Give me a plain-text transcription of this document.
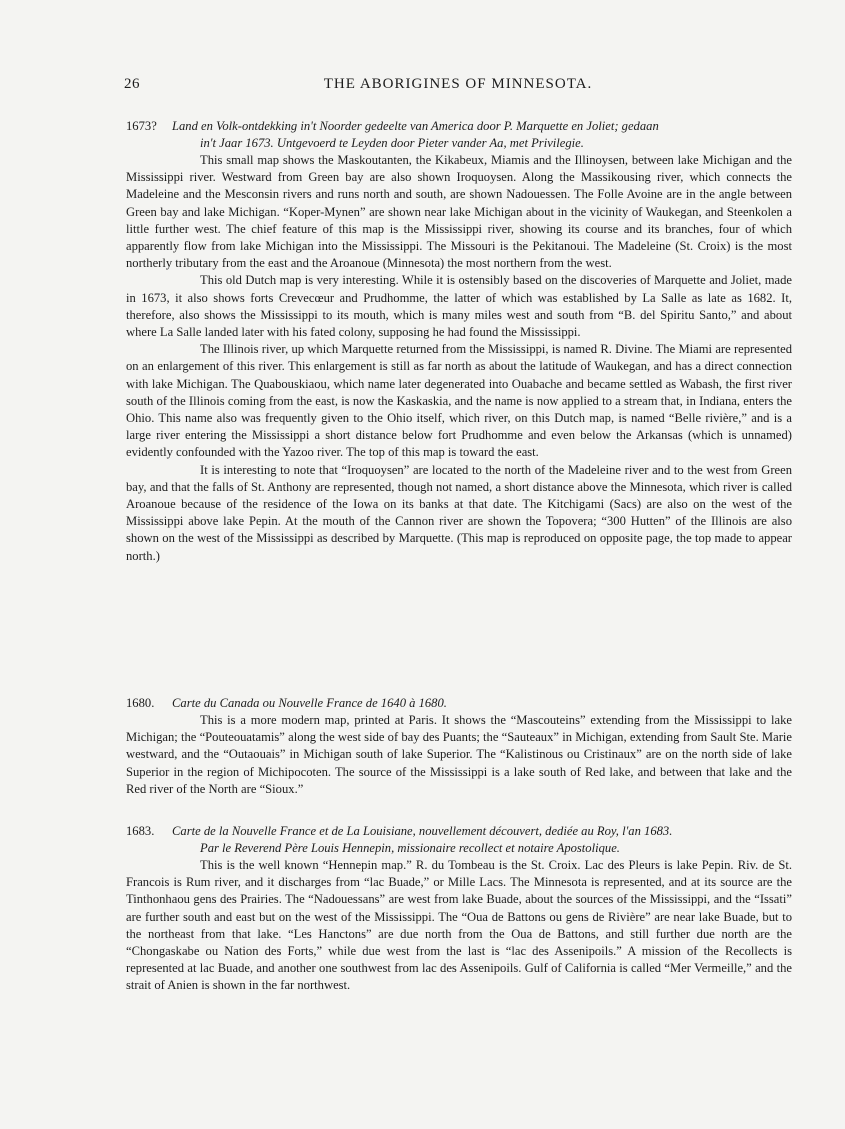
26	THE ABORIGINES OF MINNESOTA.
1673? Land en Volk-ontdekking in't Noorder gedeelte van America door P. Marquette en Joliet; gedaan
in't Jaar 1673. Untgevoerd te Leyden door Pieter vander Aa, met Privilegie.

This small map shows the Maskoutanten, the Kikabeux, Miamis and the Illinoysen, between lake Michigan and the Mississippi river. Westward from Green bay are also shown Iroquoysen. Along the Massikousing river, which connects the Madeleine and the Mesconsin rivers and runs north and south, are shown Nadouessen. The Folle Avoine are in the angle between Green bay and lake Michigan. “Koper-Mynen” are shown near lake Michigan about in the vicinity of Waukegan, and Steenkolen a little further west. The chief feature of this map is the Mississippi river, showing its course and its branches, four of which apparently flow from lake Michigan into the Mississippi. The Missouri is the Pekitanoui. The Madeleine (St. Croix) is the most northerly tributary from the east and the Aroanoue (Minnesota) the most northern from the west.

This old Dutch map is very interesting. While it is ostensibly based on the discoveries of Marquette and Joliet, made in 1673, it also shows forts Crevecœur and Prudhomme, the latter of which was established by La Salle as late as 1682. It, therefore, also shows the Mississippi to its mouth, which is many miles west and south from “B. del Spiritu Santo,” and about where La Salle landed later with his fated colony, supposing he had found the Mississippi.

The Illinois river, up which Marquette returned from the Mississippi, is named R. Divine. The Miami are represented on an enlargement of this river. This enlargement is still as far north as about the latitude of Waukegan, and has a direct connection with lake Michigan. The Quabouskiaou, which name later degenerated into Ouabache and became settled as Wabash, the first river south of the Illinois coming from the east, is now the Kaskaskia, and the name is now applied to a stream that, in Indiana, enters the Ohio. This name also was frequently given to the Ohio itself, which river, on this Dutch map, is named “Belle rivière,” and is a large river entering the Mississippi a short distance below fort Prudhomme and even below the Arkansas (which is unnamed) evidently confounded with the Yazoo river. The top of this map is toward the east.

It is interesting to note that “Iroquoysen” are located to the north of the Madeleine river and to the west from Green bay, and that the falls of St. Anthony are represented, though not named, a short distance above the Minnesota, which river is called Aroanoue because of the residence of the Iowa on its banks at that date. The Kitchigami (Sacs) are also on the west of the Mississippi above lake Pepin. At the mouth of the Cannon river are shown the Topovera; “300 Hutten” of the Illinois are also shown on the west of the Mississippi as described by Marquette. (This map is reproduced on opposite page, the top made to appear north.)

1680. Carte du Canada ou Nouvelle France de 1640 à 1680.

This is a more modern map, printed at Paris. It shows the “Mascouteins” extending from the Mississippi to lake Michigan; the “Pouteouatamis” along the west side of bay des Puants; the “Sauteaux” in Michigan, extending from Sault Ste. Marie westward, and the “Outaouais” in Michigan south of lake Superior. The “Kalistinous ou Cristinaux” are on the north side of lake Superior in the region of Michipocoten. The source of the Mississippi is a lake south of Red lake, and between that lake and the Red river of the North are “Sioux.”

1683. Carte de la Nouvelle France et de La Louisiane, nouvellement découvert, dediée au Roy, l'an 1683.
Par le Reverend Père Louis Hennepin, missionaire recollect et notaire Apostolique.

This is the well known “Hennepin map.” R. du Tombeau is the St. Croix. Lac des Pleurs is lake Pepin. Riv. de St. Francois is Rum river, and it discharges from “lac Buade,” or Mille Lacs. The Minnesota is represented, and at its source are the Tinthonhaou gens des Prairies. The “Nadouessans” are west from lake Buade, about the sources of the Mississippi, and the “Issati” are further south and east but on the west of the Mississippi. The “Oua de Battons ou gens de Rivière” are near lake Buade, but to the northeast from that lake. “Les Hanctons” are due north from the Oua de Battons, and still further due north are the “Chongaskabe ou Nation des Forts,” while due west from the last is “lac des Assenipoils.” A mission of the Recollects is represented at lac Buade, and another one southwest from lac des Assenipoils. Gulf of California is called “Mer Vermeille,” and the strait of Anien is shown in the far northwest.
